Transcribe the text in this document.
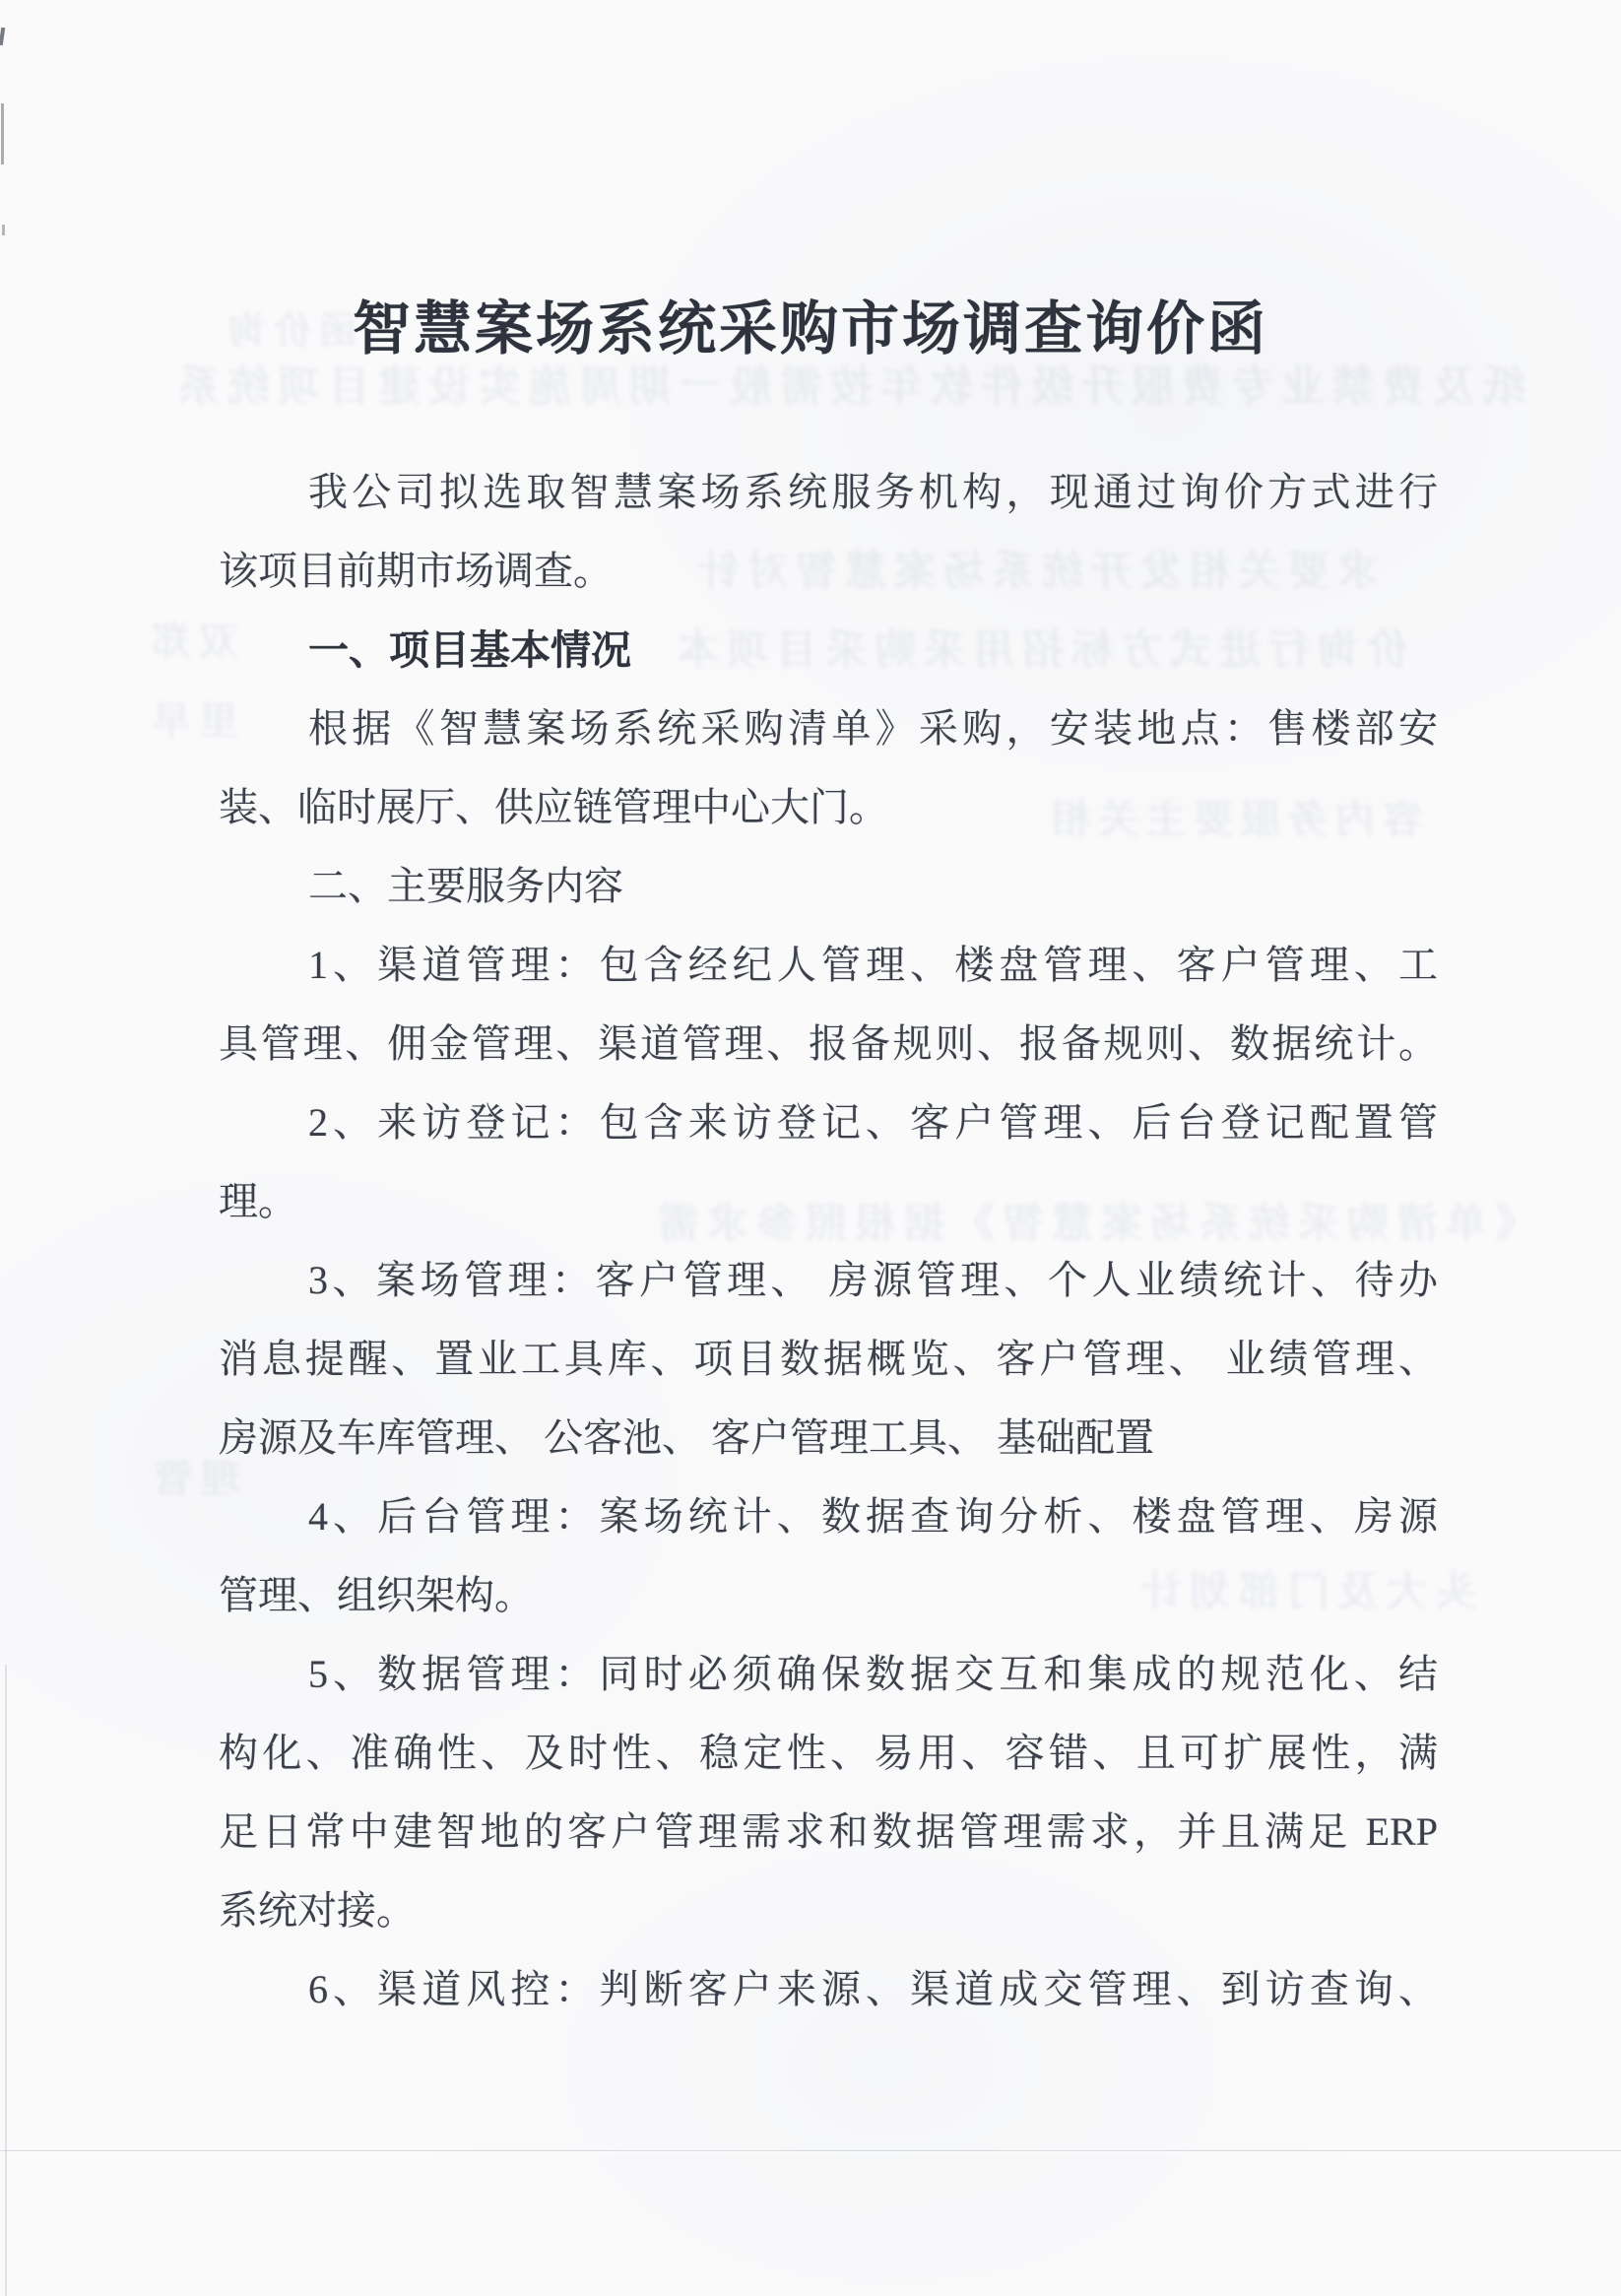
函价询
纸及费禁业专费服升级件软年按需般一期周施实设建目项统系
求要关相发开统系场案慧智对针
双郑	价询行进式方标招用采购采目项本
里早
容内务服要主关相
《单清购采统系场案慧智》据根照参求需
理管
头大及门部划计
智慧案场系统采购市场调查询价函
我公司拟选取智慧案场系统服务机构，现通过询价方式进行
该项目前期市场调查。
一、项目基本情况
根据《智慧案场系统采购清单》采购，安装地点：售楼部安
装、临时展厅、供应链管理中心大门。
二、主要服务内容
1、渠道管理：包含经纪人管理、楼盘管理、客户管理、工
具管理、佣金管理、渠道管理、报备规则、报备规则、数据统计。
2、来访登记：包含来访登记、客户管理、后台登记配置管
理。
3、案场管理：客户管理、 房源管理、个人业绩统计、待办
消息提醒、置业工具库、项目数据概览、客户管理、 业绩管理、
房源及车库管理、 公客池、 客户管理工具、 基础配置
4、后台管理：案场统计、数据查询分析、楼盘管理、房源
管理、组织架构。
5、数据管理：同时必须确保数据交互和集成的规范化、结
构化、准确性、及时性、稳定性、易用、容错、且可扩展性，满
足日常中建智地的客户管理需求和数据管理需求，并且满足 ERP
系统对接。
6、渠道风控：判断客户来源、渠道成交管理、到访查询、
